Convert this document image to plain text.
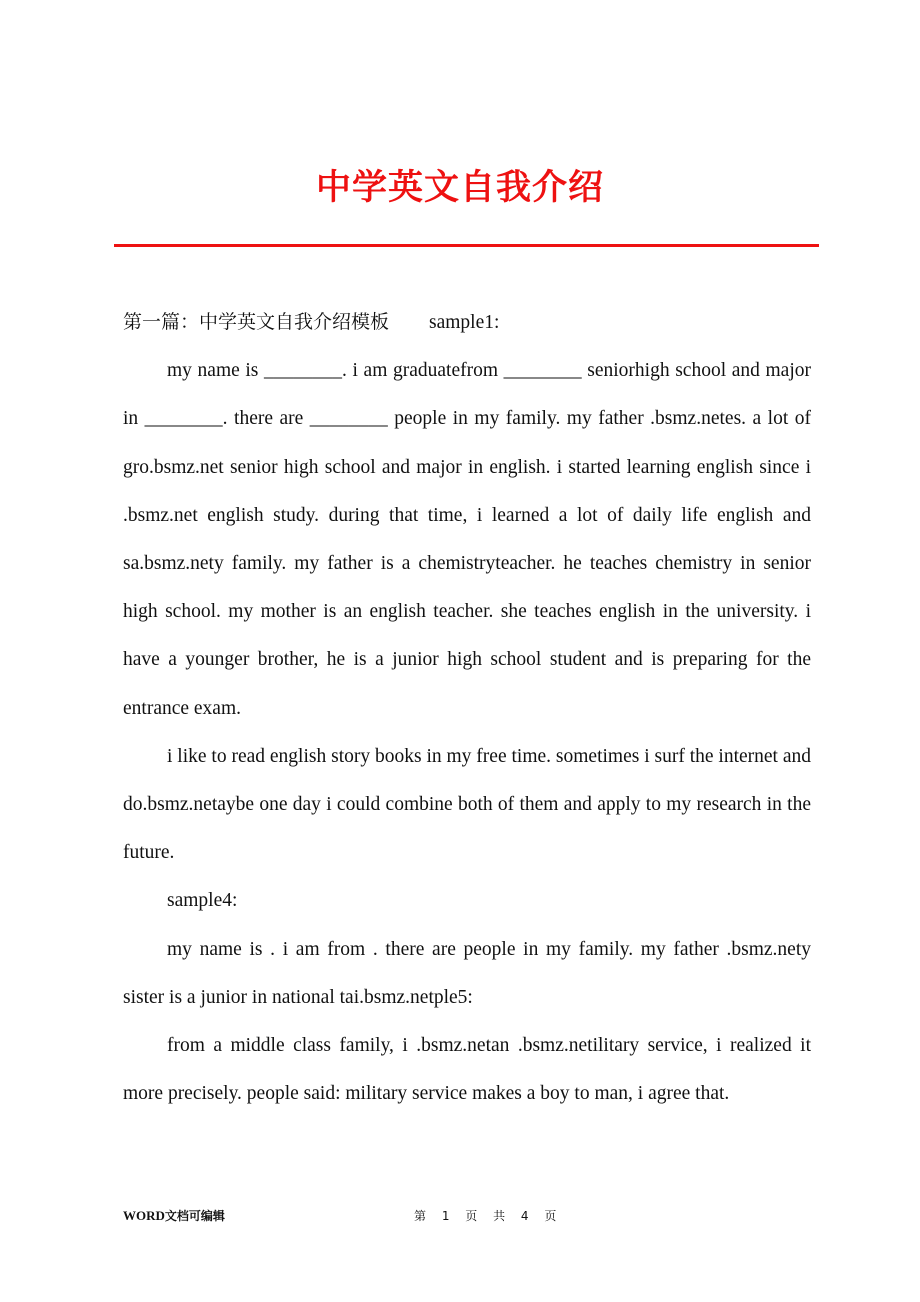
中学英文自我介绍
第一篇：中学英文自我介绍模板 sample1:

my name is ________. i am graduatefrom ________ seniorhigh school and major in ________. there are ________ people in my family. my father .bsmz.netes. a lot of gro.bsmz.net senior high school and major in english. i started learning english since i .bsmz.net english study. during that time, i learned a lot of daily life english and sa.bsmz.nety family. my father is a chemistryteacher. he teaches chemistry in senior high school. my mother is an english teacher. she teaches english in the university. i have a younger brother, he is a junior high school student and is preparing for the entrance exam.

i like to read english story books in my free time. sometimes i surf the internet and do.bsmz.netaybe one day i could combine both of them and apply to my research in the future.

sample4:

my name is . i am from . there are people in my family. my father .bsmz.nety sister is a junior in national tai.bsmz.netple5:

from a middle class family, i .bsmz.netan .bsmz.netilitary service, i realized it more precisely. people said: military service makes a boy to man, i agree that.

WORD文档可编辑	第 1 页 共 4 页
